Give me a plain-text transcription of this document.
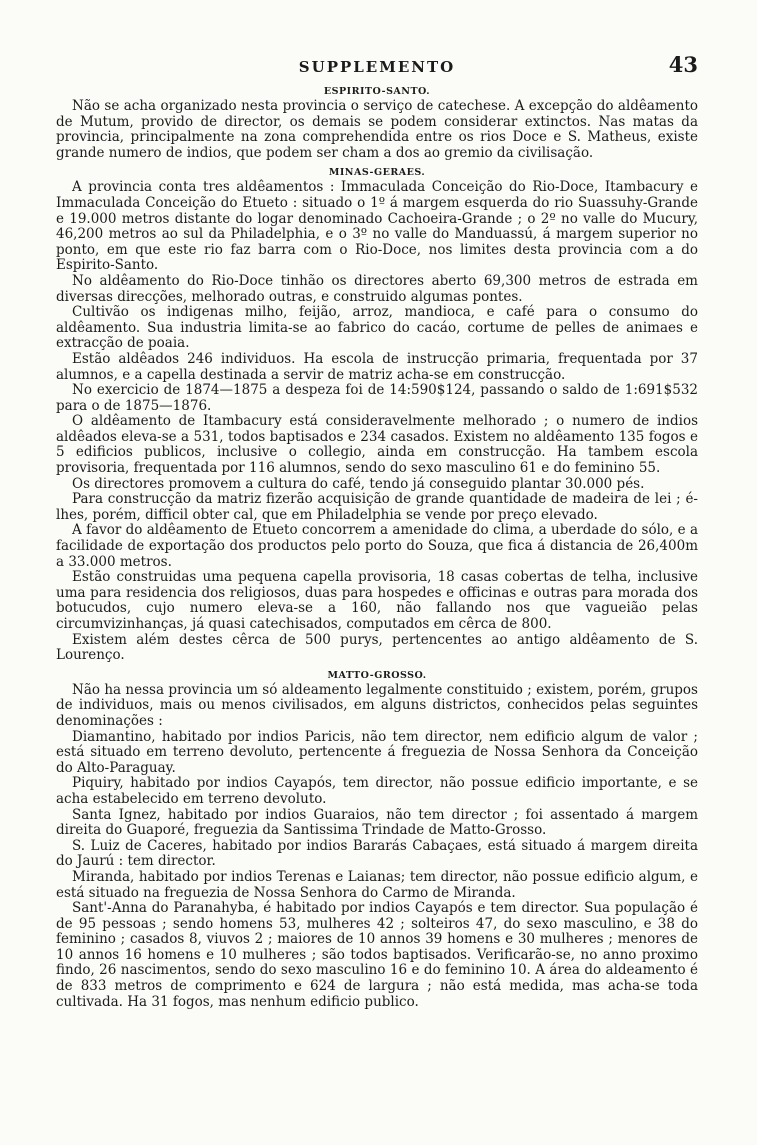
SUPPLEMENTO	43
ESPIRITO-SANTO.

Não se acha organizado nesta provincia o serviço de catechese. A excepção do aldêamento de Mutum, provido de director, os demais se podem considerar extinctos. Nas matas da provincia, principalmente na zona comprehendida entre os rios Doce e S. Matheus, existe grande numero de indios, que podem ser cham a dos ao gremio da civilisação.

MINAS-GERAES.

A provincia conta tres aldêamentos : Immaculada Conceição do Rio-Doce, Itambacury e Immaculada Conceição do Etueto : situado o 1º á margem esquerda do rio Suassuhy-Grande e 19.000 metros distante do logar denominado Cachoeira-Grande ; o 2º no valle do Mucury, 46,200 metros ao sul da Philadelphia, e o 3º no valle do Manduassú, á margem superior no ponto, em que este rio faz barra com o Rio-Doce, nos limites desta provincia com a do Espirito-Santo.

No aldêamento do Rio-Doce tinhão os directores aberto 69,300 metros de estrada em diversas direcções, melhorado outras, e construido algumas pontes.

Cultivão os indigenas milho, feijão, arroz, mandioca, e café para o consumo do aldêamento. Sua industria limita-se ao fabrico do cacáo, cortume de pelles de animaes e extracção de poaia.

Estão aldêados 246 individuos. Ha escola de instrucção primaria, frequentada por 37 alumnos, e a capella destinada a servir de matriz acha-se em construcção.

No exercicio de 1874—1875 a despeza foi de 14:590$124, passando o saldo de 1:691$532 para o de 1875—1876.

O aldêamento de Itambacury está consideravelmente melhorado ; o numero de indios aldêados eleva-se a 531, todos baptisados e 234 casados. Existem no aldêamento 135 fogos e 5 edificios publicos, inclusive o collegio, ainda em construcção. Ha tambem escola provisoria, frequentada por 116 alumnos, sendo do sexo masculino 61 e do feminino 55.

Os directores promovem a cultura do café, tendo já conseguido plantar 30.000 pés.

Para construcção da matriz fizerão acquisição de grande quantidade de madeira de lei ; é-lhes, porém, difficil obter cal, que em Philadelphia se vende por preço elevado.

A favor do aldêamento de Etueto concorrem a amenidade do clima, a uberdade do sólo, e a facilidade de exportação dos productos pelo porto do Souza, que fica á distancia de 26,400m a 33.000 metros.

Estão construidas uma pequena capella provisoria, 18 casas cobertas de telha, inclusive uma para residencia dos religiosos, duas para hospedes e officinas e outras para morada dos botucudos, cujo numero eleva-se a 160, não fallando nos que vagueião pelas circumvizinhanças, já quasi catechisados, computados em cêrca de 800.

Existem além destes cêrca de 500 purys, pertencentes ao antigo aldêamento de S. Lourenço.

MATTO-GROSSO.

Não ha nessa provincia um só aldeamento legalmente constituido ; existem, porém, grupos de individuos, mais ou menos civilisados, em alguns districtos, conhecidos pelas seguintes denominações :

Diamantino, habitado por indios Paricis, não tem director, nem edificio algum de valor ; está situado em terreno devoluto, pertencente á freguezia de Nossa Senhora da Conceição do Alto-Paraguay.

Piquiry, habitado por indios Cayapós, tem director, não possue edificio importante, e se acha estabelecido em terreno devoluto.

Santa Ignez, habitado por indios Guaraios, não tem director ; foi assentado á margem direita do Guaporé, freguezia da Santissima Trindade de Matto-Grosso.

S. Luiz de Caceres, habitado por indios Bararás Cabaçaes, está situado á margem direita do Jaurú : tem director.

Miranda, habitado por indios Terenas e Laianas; tem director, não possue edificio algum, e está situado na freguezia de Nossa Senhora do Carmo de Miranda.

Sant'-Anna do Paranahyba, é habitado por indios Cayapós e tem director. Sua população é de 95 pessoas ; sendo homens 53, mulheres 42 ; solteiros 47, do sexo masculino, e 38 do feminino ; casados 8, viuvos 2 ; maiores de 10 annos 39 homens e 30 mulheres ; menores de 10 annos 16 homens e 10 mulheres ; são todos baptisados. Verificarão-se, no anno proximo findo, 26 nascimentos, sendo do sexo masculino 16 e do feminino 10. A área do aldeamento é de 833 metros de comprimento e 624 de largura ; não está medida, mas acha-se toda cultivada. Ha 31 fogos, mas nenhum edificio publico.
